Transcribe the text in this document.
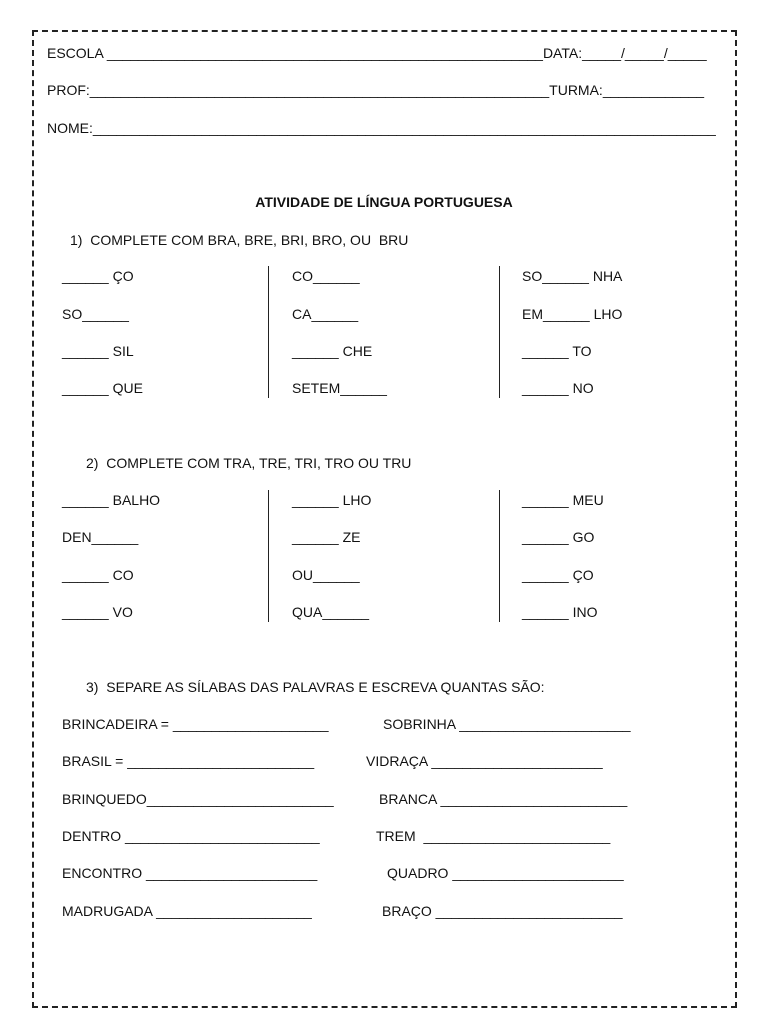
ESCOLA ________________________________________________________DATA:_____/_____/_____
PROF:___________________________________________________________TURMA:_____________
NOME:________________________________________________________________________________
ATIVIDADE DE LÍNGUA PORTUGUESA
1)  COMPLETE COM BRA, BRE, BRI, BRO, OU  BRU
______ ÇO
SO______
______ SIL
______ QUE
CO______
CA______
______ CHE
SETEM______
SO______ NHA
EM______ LHO
______ TO
______ NO
2)  COMPLETE COM TRA, TRE, TRI, TRO OU TRU
______ BALHO
DEN______
______ CO
______ VO
______ LHO
______ ZE
OU______
QUA______
______ MEU
______ GO
______ ÇO
______ INO
3)  SEPARE AS SÍLABAS DAS PALAVRAS E ESCREVA QUANTAS SÃO:
BRINCADEIRA = ____________________
BRASIL = ________________________
BRINQUEDO________________________
DENTRO _________________________
ENCONTRO ______________________
MADRUGADA ____________________
SOBRINHA ______________________
VIDRAÇA ______________________
BRANCA ________________________
TREM  ________________________
QUADRO ______________________
BRAÇO ________________________
